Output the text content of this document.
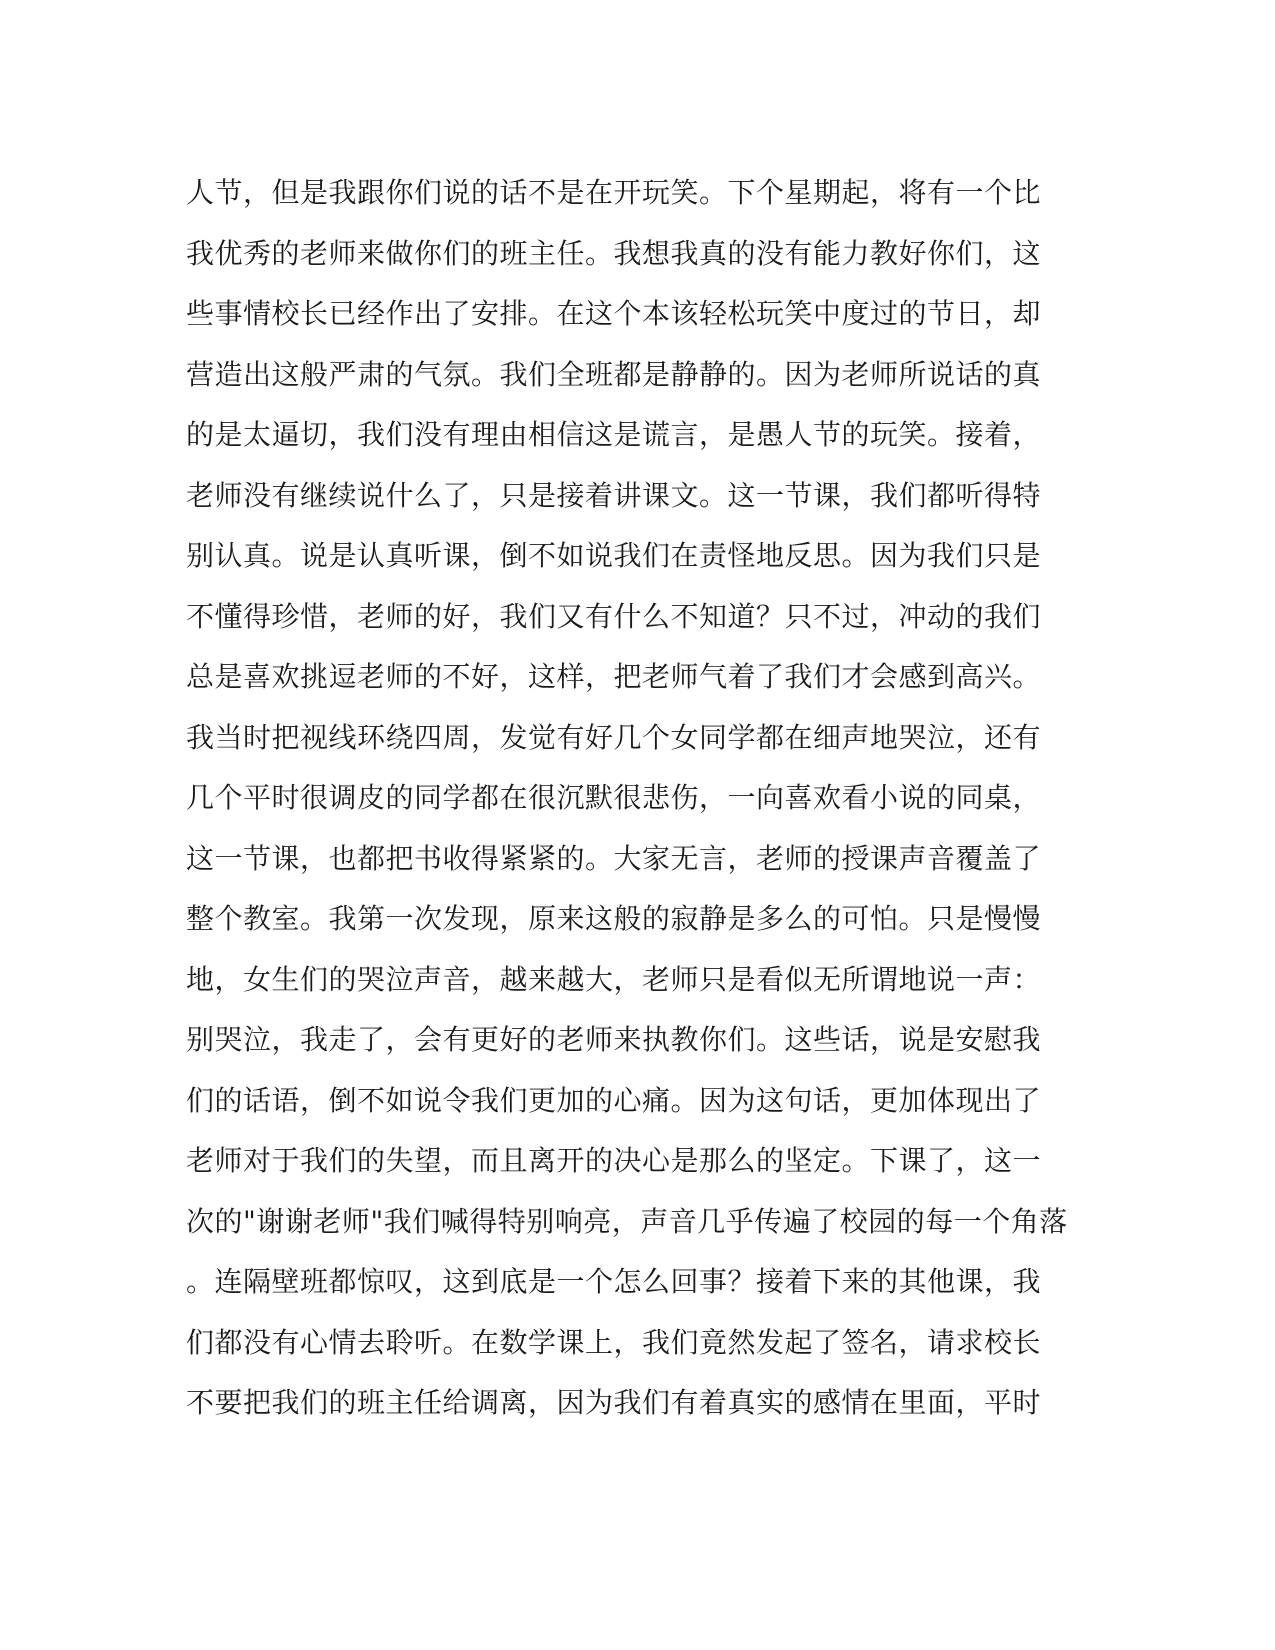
人节，但是我跟你们说的话不是在开玩笑。下个星期起，将有一个比
我优秀的老师来做你们的班主任。我想我真的没有能力教好你们，这
些事情校长已经作出了安排。在这个本该轻松玩笑中度过的节日，却
营造出这般严肃的气氛。我们全班都是静静的。因为老师所说话的真
的是太逼切，我们没有理由相信这是谎言，是愚人节的玩笑。接着，
老师没有继续说什么了，只是接着讲课文。这一节课，我们都听得特
别认真。说是认真听课，倒不如说我们在责怪地反思。因为我们只是
不懂得珍惜，老师的好，我们又有什么不知道？只不过，冲动的我们
总是喜欢挑逗老师的不好，这样，把老师气着了我们才会感到高兴。
我当时把视线环绕四周，发觉有好几个女同学都在细声地哭泣，还有
几个平时很调皮的同学都在很沉默很悲伤，一向喜欢看小说的同桌，
这一节课，也都把书收得紧紧的。大家无言，老师的授课声音覆盖了
整个教室。我第一次发现，原来这般的寂静是多么的可怕。只是慢慢
地，女生们的哭泣声音，越来越大，老师只是看似无所谓地说一声：
别哭泣，我走了，会有更好的老师来执教你们。这些话，说是安慰我
们的话语，倒不如说令我们更加的心痛。因为这句话，更加体现出了
老师对于我们的失望，而且离开的决心是那么的坚定。下课了，这一
次的"谢谢老师"我们喊得特别响亮，声音几乎传遍了校园的每一个角落
。连隔壁班都惊叹，这到底是一个怎么回事？接着下来的其他课，我
们都没有心情去聆听。在数学课上，我们竟然发起了签名，请求校长
不要把我们的班主任给调离，因为我们有着真实的感情在里面，平时
